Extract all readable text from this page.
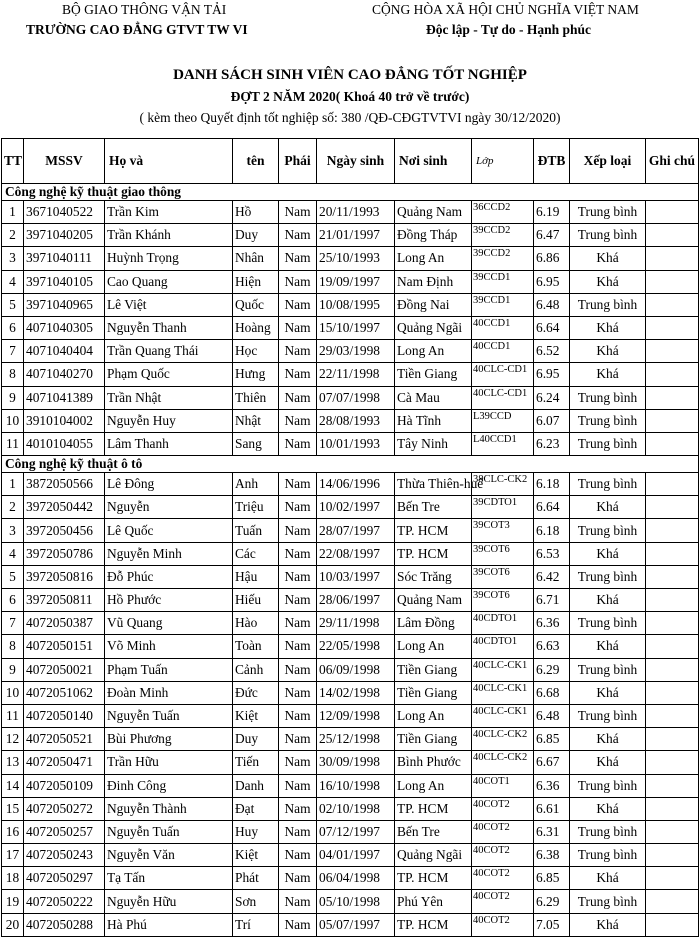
BỘ GIAO THÔNG VẬN TẢI
TRƯỜNG CAO ĐẲNG GTVT TW VI
CỘNG HÒA XÃ HỘI CHỦ NGHĨA VIỆT NAM
Độc lập - Tự do - Hạnh phúc
DANH SÁCH SINH VIÊN CAO ĐẲNG TỐT NGHIỆP
ĐỢT 2 NĂM 2020( Khoá 40 trở về trước)
( kèm theo Quyết định tốt nghiệp số: 380 /QĐ-CĐGTVTVI ngày 30/12/2020)
TT	MSSV	Họ và	tên	Phái	Ngày sinh	Nơi sinh	Lớp	ĐTB	Xếp loại	Ghi chú
Công nghệ kỹ thuật giao thông										
1	3671040522	Trần Kim	Hồ	Nam	20/11/1993	Quảng Nam	36CCD2	6.19	Trung bình	
2	3971040205	Trần Khánh	Duy	Nam	21/01/1997	Đồng Tháp	39CCD2	6.47	Trung bình	
3	3971040111	Huỳnh Trọng	Nhân	Nam	25/10/1993	Long An	39CCD2	6.86	Khá	
4	3971040105	Cao Quang	Hiện	Nam	19/09/1997	Nam Định	39CCD1	6.95	Khá	
5	3971040965	Lê Việt	Quốc	Nam	10/08/1995	Đồng Nai	39CCD1	6.48	Trung bình	
6	4071040305	Nguyễn Thanh	Hoàng	Nam	15/10/1997	Quảng Ngãi	40CCD1	6.64	Khá	
7	4071040404	Trần Quang Thái	Học	Nam	29/03/1998	Long An	40CCD1	6.52	Khá	
8	4071040270	Phạm Quốc	Hưng	Nam	22/11/1998	Tiền Giang	40CLC-CD1	6.95	Khá	
9	4071041389	Trần Nhật	Thiên	Nam	07/07/1998	Cà Mau	40CLC-CD1	6.24	Trung bình	
10	3910104002	Nguyễn Huy	Nhật	Nam	28/08/1993	Hà Tĩnh	L39CCD	6.07	Trung bình	
11	4010104055	Lâm Thanh	Sang	Nam	10/01/1993	Tây Ninh	L40CCD1	6.23	Trung bình	
Công nghệ kỹ thuật ô tô										
1	3872050566	Lê Đông	Anh	Nam	14/06/1996	Thừa Thiên-huế	38CLC-CK2	6.18	Trung bình	
2	3972050442	Nguyễn	Triệu	Nam	10/02/1997	Bến Tre	39CDTO1	6.64	Khá	
3	3972050456	Lê Quốc	Tuấn	Nam	28/07/1997	TP. HCM	39COT3	6.18	Trung bình	
4	3972050786	Nguyễn Minh	Các	Nam	22/08/1997	TP. HCM	39COT6	6.53	Khá	
5	3972050816	Đỗ Phúc	Hậu	Nam	10/03/1997	Sóc Trăng	39COT6	6.42	Trung bình	
6	3972050811	Hồ Phước	Hiếu	Nam	28/06/1997	Quảng Nam	39COT6	6.71	Khá	
7	4072050387	Vũ Quang	Hào	Nam	29/11/1998	Lâm Đồng	40CDTO1	6.36	Trung bình	
8	4072050151	Võ Minh	Toàn	Nam	22/05/1998	Long An	40CDTO1	6.63	Khá	
9	4072050021	Phạm Tuấn	Cảnh	Nam	06/09/1998	Tiền Giang	40CLC-CK1	6.29	Trung bình	
10	4072051062	Đoàn Minh	Đức	Nam	14/02/1998	Tiền Giang	40CLC-CK1	6.68	Khá	
11	4072050140	Nguyễn Tuấn	Kiệt	Nam	12/09/1998	Long An	40CLC-CK1	6.48	Trung bình	
12	4072050521	Bùi Phương	Duy	Nam	25/12/1998	Tiền Giang	40CLC-CK2	6.85	Khá	
13	4072050471	Trần Hữu	Tiến	Nam	30/09/1998	Bình Phước	40CLC-CK2	6.67	Khá	
14	4072050109	Đinh Công	Danh	Nam	16/10/1998	Long An	40COT1	6.36	Trung bình	
15	4072050272	Nguyễn Thành	Đạt	Nam	02/10/1998	TP. HCM	40COT2	6.61	Khá	
16	4072050257	Nguyễn Tuấn	Huy	Nam	07/12/1997	Bến Tre	40COT2	6.31	Trung bình	
17	4072050243	Nguyễn Văn	Kiệt	Nam	04/01/1997	Quảng Ngãi	40COT2	6.38	Trung bình	
18	4072050297	Tạ Tấn	Phát	Nam	06/04/1998	TP. HCM	40COT2	6.85	Khá	
19	4072050222	Nguyễn Hữu	Sơn	Nam	05/10/1998	Phú Yên	40COT2	6.29	Trung bình	
20	4072050288	Hà Phú	Trí	Nam	05/07/1997	TP. HCM	40COT2	7.05	Khá	
